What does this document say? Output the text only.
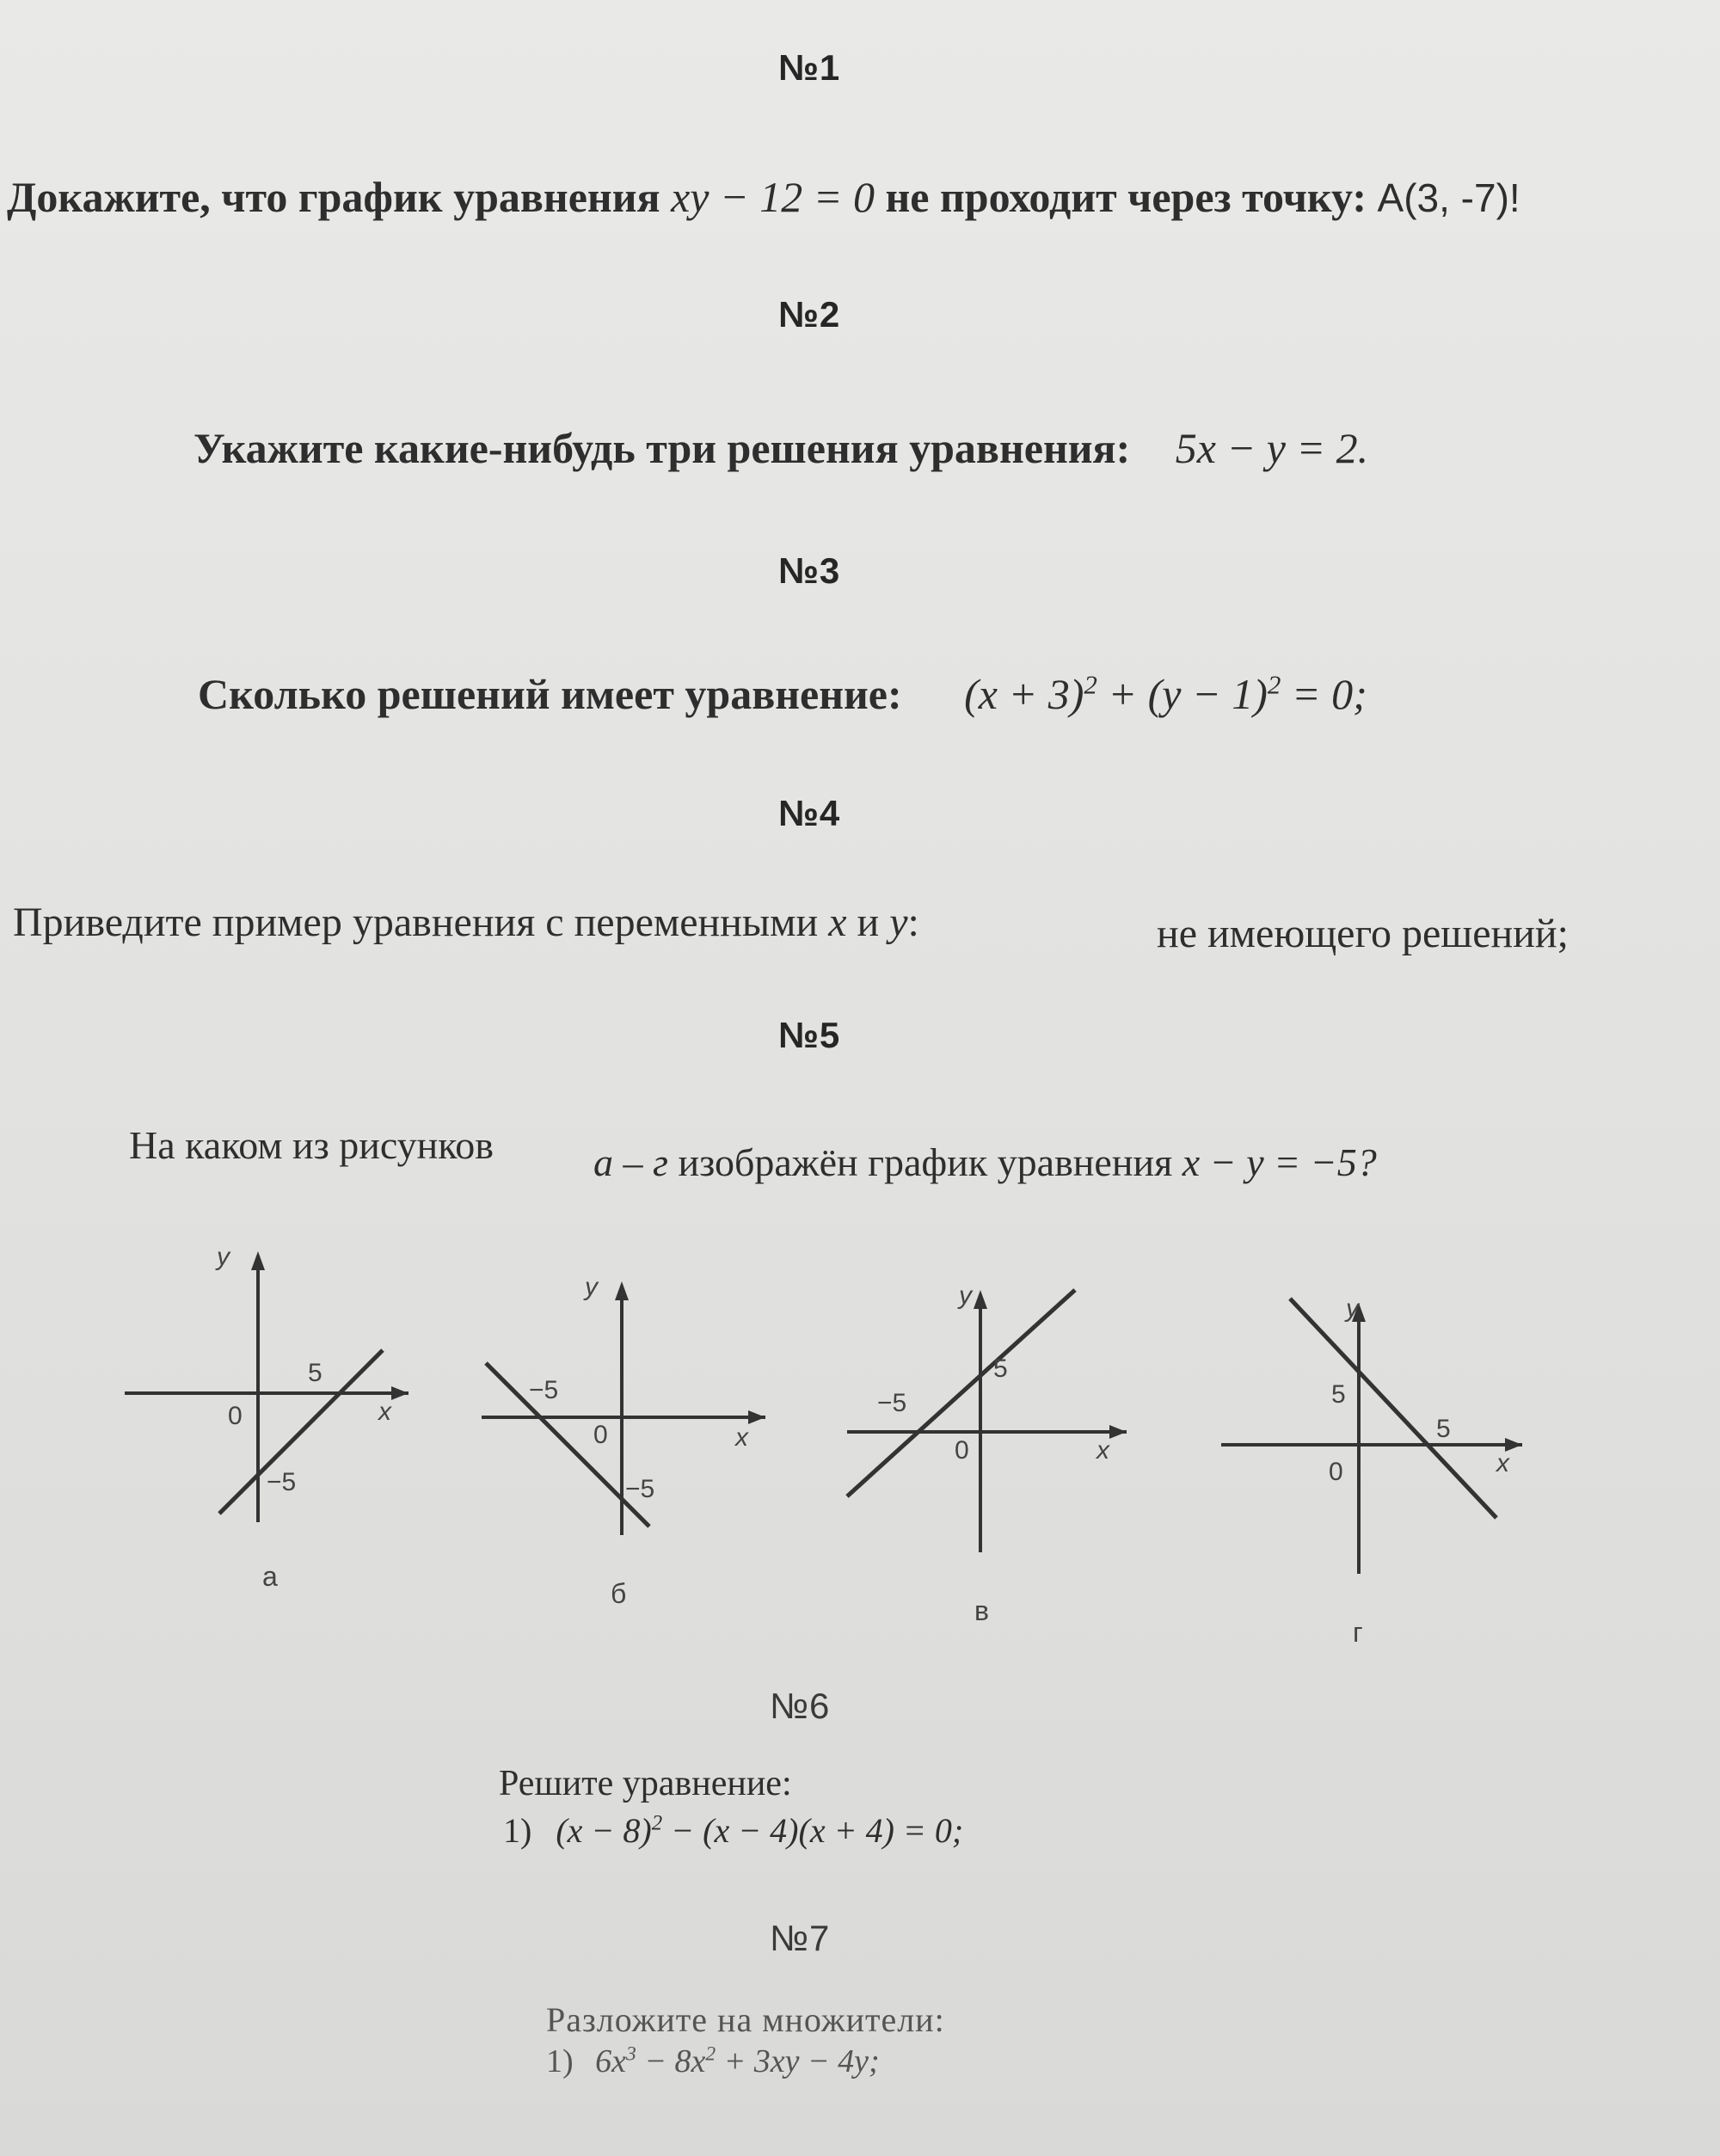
№1
Докажите, что график уравнения xy − 12 = 0 не проходит через точку: A(3, -7)!
№2
Укажите какие-нибудь три решения уравнения: 5x − y = 2.
№3
Сколько решений имеет уравнение: $(x + 3)^2 + (y - 1)^2 = 0$;
№4
Приведите пример уравнения с переменными x и y:	не имеющего решений;
№5
На каком из рисунков	а – г изображён график уравнения x − y = −5?
y
x
0
5
−5
а
y
x
0
−5
−5
б
y
x
0
5
−5
в
y
x
0
5
5
г
№6
Решите уравнение:
1) $(x - 8)^2 - (x - 4)(x + 4) = 0$;
№7
Разложите на множители:
1) $6x^3 - 8x^2 + 3xy - 4y$;
